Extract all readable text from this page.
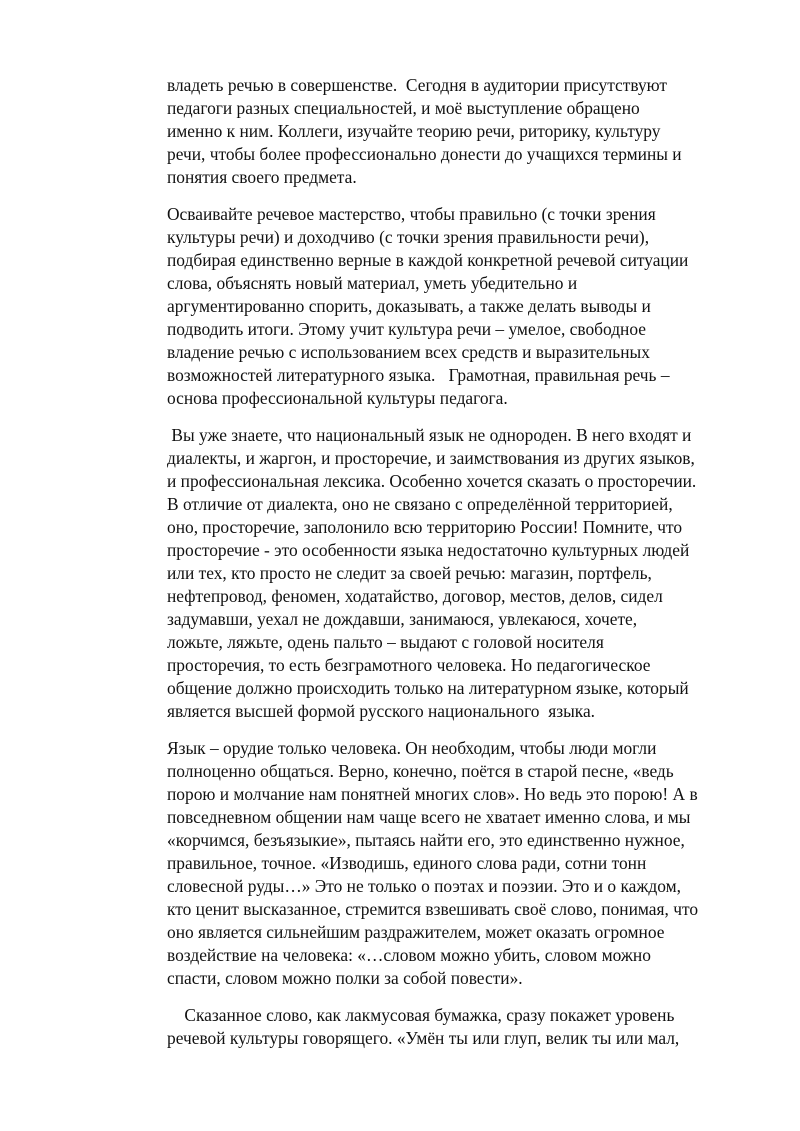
владеть речью в совершенстве.  Сегодня в аудитории присутствуют
педагоги разных специальностей, и моё выступление обращено
именно к ним. Коллеги, изучайте теорию речи, риторику, культуру
речи, чтобы более профессионально донести до учащихся термины и
понятия своего предмета.
Осваивайте речевое мастерство, чтобы правильно (с точки зрения
культуры речи) и доходчиво (с точки зрения правильности речи),
подбирая единственно верные в каждой конкретной речевой ситуации
слова, объяснять новый материал, уметь убедительно и
аргументированно спорить, доказывать, а также делать выводы и
подводить итоги. Этому учит культура речи – умелое, свободное
владение речью с использованием всех средств и выразительных
возможностей литературного языка.   Грамотная, правильная речь –
основа профессиональной культуры педагога.
Вы уже знаете, что национальный язык не однороден. В него входят и
диалекты, и жаргон, и просторечие, и заимствования из других языков,
и профессиональная лексика. Особенно хочется сказать о просторечии.
В отличие от диалекта, оно не связано с определённой территорией,
оно, просторечие, заполонило всю территорию России! Помните, что
просторечие - это особенности языка недостаточно культурных людей
или тех, кто просто не следит за своей речью: магазин, портфель,
нефтепровод, феномен, ходатайство, договор, местов, делов, сидел
задумавши, уехал не дождавши, занимаюся, увлекаюся, хочете,
ложьте, ляжьте, одень пальто – выдают с головой носителя
просторечия, то есть безграмотного человека. Но педагогическое
общение должно происходить только на литературном языке, который
является высшей формой русского национального  языка.
Язык – орудие только человека. Он необходим, чтобы люди могли
полноценно общаться. Верно, конечно, поётся в старой песне, «ведь
порою и молчание нам понятней многих слов». Но ведь это порою! А в
повседневном общении нам чаще всего не хватает именно слова, и мы
«корчимся, безъязыкие», пытаясь найти его, это единственно нужное,
правильное, точное. «Изводишь, единого слова ради, сотни тонн
словесной руды…» Это не только о поэтах и поэзии. Это и о каждом,
кто ценит высказанное, стремится взвешивать своё слово, понимая, что
оно является сильнейшим раздражителем, может оказать огромное
воздействие на человека: «…словом можно убить, словом можно
спасти, словом можно полки за собой повести».
Сказанное слово, как лакмусовая бумажка, сразу покажет уровень
речевой культуры говорящего. «Умён ты или глуп, велик ты или мал,
